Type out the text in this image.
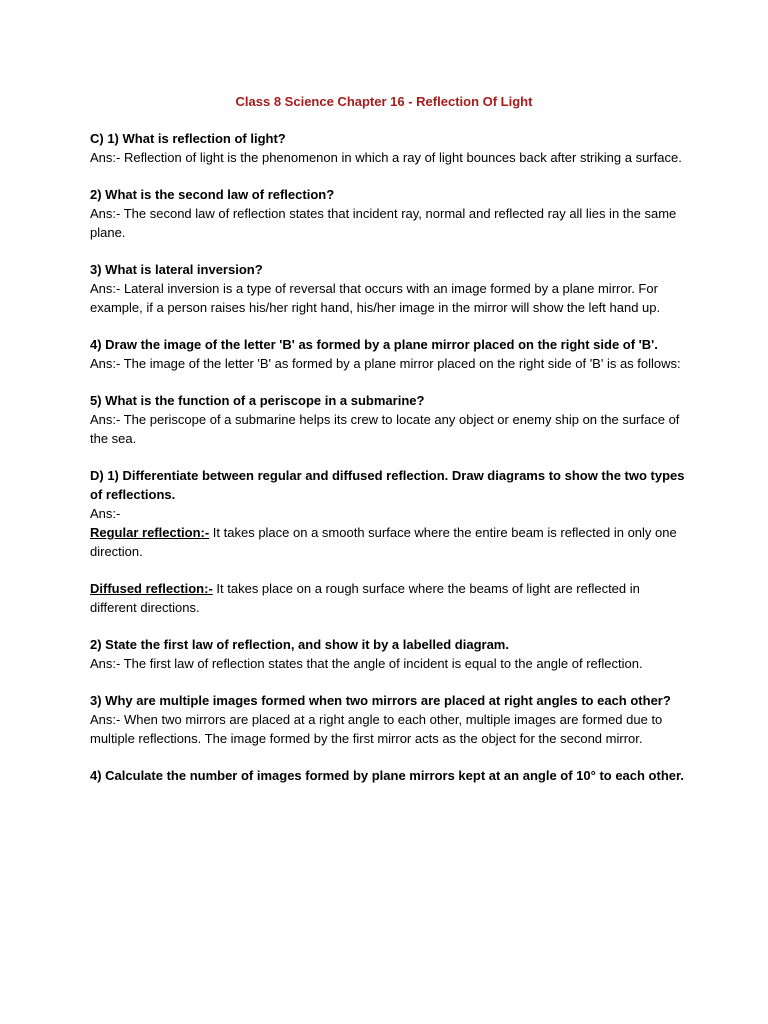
Class 8 Science Chapter 16 - Reflection Of Light

C) 1) What is reflection of light?

Ans:- Reflection of light is the phenomenon in which a ray of light bounces back after striking a surface.

2) What is the second law of reflection?

Ans:- The second law of reflection states that incident ray, normal and reflected ray all lies in the same plane.

3) What is lateral inversion?

Ans:- Lateral inversion is a type of reversal that occurs with an image formed by a plane mirror. For example, if a person raises his/her right hand, his/her image in the mirror will show the left hand up.

4) Draw the image of the letter 'B' as formed by a plane mirror placed on the right side of 'B'.

Ans:- The image of the letter 'B' as formed by a plane mirror placed on the right side of 'B' is as follows:

5) What is the function of a periscope in a submarine?

Ans:- The periscope of a submarine helps its crew to locate any object or enemy ship on the surface of the sea.

D) 1) Differentiate between regular and diffused reflection. Draw diagrams to show the two types of reflections.

Ans:-

Regular reflection:- It takes place on a smooth surface where the entire beam is reflected in only one direction.

Diffused reflection:- It takes place on a rough surface where the beams of light are reflected in different directions.

2) State the first law of reflection, and show it by a labelled diagram.

Ans:- The first law of reflection states that the angle of incident is equal to the angle of reflection.

3) Why are multiple images formed when two mirrors are placed at right angles to each other?

Ans:- When two mirrors are placed at a right angle to each other, multiple images are formed due to multiple reflections. The image formed by the first mirror acts as the object for the second mirror.

4) Calculate the number of images formed by plane mirrors kept at an angle of 10° to each other.
